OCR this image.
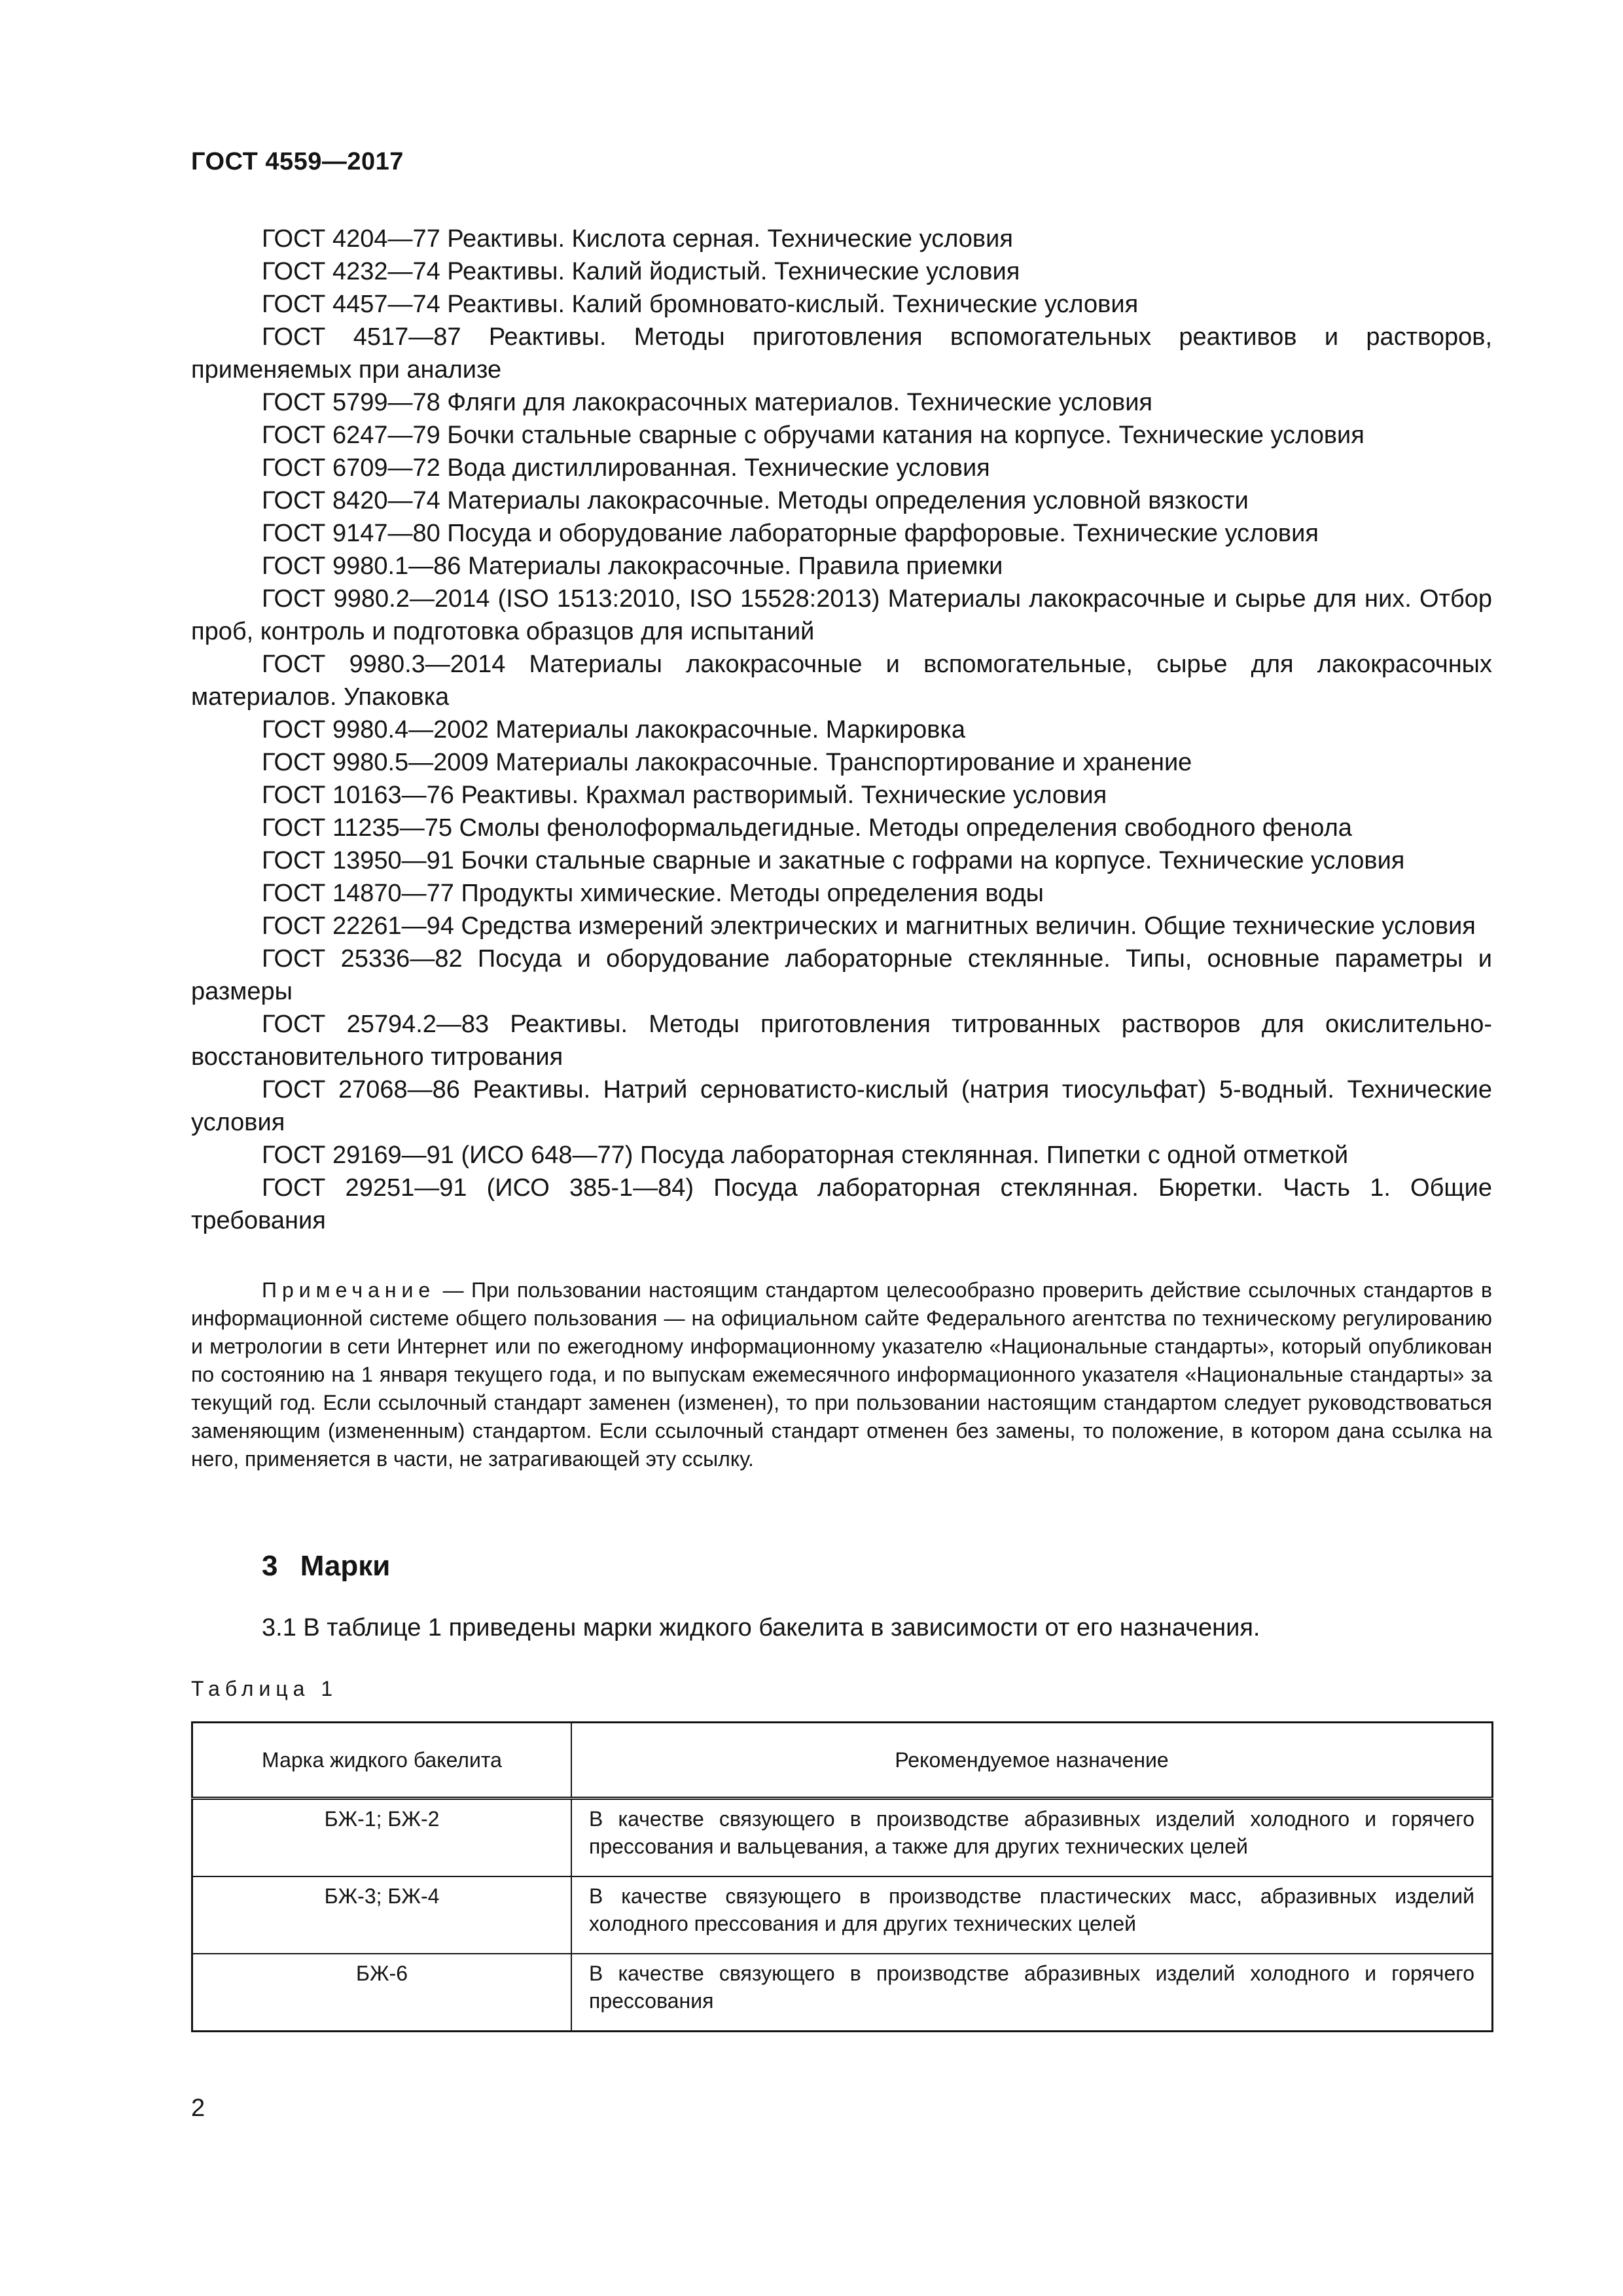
ГОСТ 4559—2017
ГОСТ 4204—77 Реактивы. Кислота серная. Технические условия
ГОСТ 4232—74 Реактивы. Калий йодистый. Технические условия
ГОСТ 4457—74 Реактивы. Калий бромновато-кислый. Технические условия
ГОСТ 4517—87 Реактивы. Методы приготовления вспомогательных реактивов и растворов, применяемых при анализе
ГОСТ 5799—78 Фляги для лакокрасочных материалов. Технические условия
ГОСТ 6247—79 Бочки стальные сварные с обручами катания на корпусе. Технические условия
ГОСТ 6709—72 Вода дистиллированная. Технические условия
ГОСТ 8420—74 Материалы лакокрасочные. Методы определения условной вязкости
ГОСТ 9147—80 Посуда и оборудование лабораторные фарфоровые. Технические условия
ГОСТ 9980.1—86 Материалы лакокрасочные. Правила приемки
ГОСТ 9980.2—2014 (ISO 1513:2010, ISO 15528:2013) Материалы лакокрасочные и сырье для них. Отбор проб, контроль и подготовка образцов для испытаний
ГОСТ 9980.3—2014 Материалы лакокрасочные и вспомогательные, сырье для лакокрасочных материалов. Упаковка
ГОСТ 9980.4—2002 Материалы лакокрасочные. Маркировка
ГОСТ 9980.5—2009 Материалы лакокрасочные. Транспортирование и хранение
ГОСТ 10163—76 Реактивы. Крахмал растворимый. Технические условия
ГОСТ 11235—75 Смолы фенолоформальдегидные. Методы определения свободного фенола
ГОСТ 13950—91 Бочки стальные сварные и закатные с гофрами на корпусе. Технические условия
ГОСТ 14870—77 Продукты химические. Методы определения воды
ГОСТ 22261—94 Средства измерений электрических и магнитных величин. Общие технические условия
ГОСТ 25336—82 Посуда и оборудование лабораторные стеклянные. Типы, основные параметры и размеры
ГОСТ 25794.2—83 Реактивы. Методы приготовления титрованных растворов для окислительно-восстановительного титрования
ГОСТ 27068—86 Реактивы. Натрий серноватисто-кислый (натрия тиосульфат) 5-водный. Технические условия
ГОСТ 29169—91 (ИСО 648—77) Посуда лабораторная стеклянная. Пипетки с одной отметкой
ГОСТ 29251—91 (ИСО 385-1—84) Посуда лабораторная стеклянная. Бюретки. Часть 1. Общие требования
Примечание — При пользовании настоящим стандартом целесообразно проверить действие ссылочных стандартов в информационной системе общего пользования — на официальном сайте Федерального агентства по техническому регулированию и метрологии в сети Интернет или по ежегодному информационному указателю «Национальные стандарты», который опубликован по состоянию на 1 января текущего года, и по выпускам ежемесячного информационного указателя «Национальные стандарты» за текущий год. Если ссылочный стандарт заменен (изменен), то при пользовании настоящим стандартом следует руководствоваться заменяющим (измененным) стандартом. Если ссылочный стандарт отменен без замены, то положение, в котором дана ссылка на него, применяется в части, не затрагивающей эту ссылку.
3 Марки
3.1 В таблице 1 приведены марки жидкого бакелита в зависимости от его назначения.
Таблица 1
Марка жидкого бакелита	Рекомендуемое назначение
БЖ-1; БЖ-2	В качестве связующего в производстве абразивных изделий холодного и горячего прессования и вальцевания, а также для других технических целей
БЖ-3; БЖ-4	В качестве связующего в производстве пластических масс, абразивных изделий холодного прессования и для других технических целей
БЖ-6	В качестве связующего в производстве абразивных изделий холодного и горячего прессования
2
